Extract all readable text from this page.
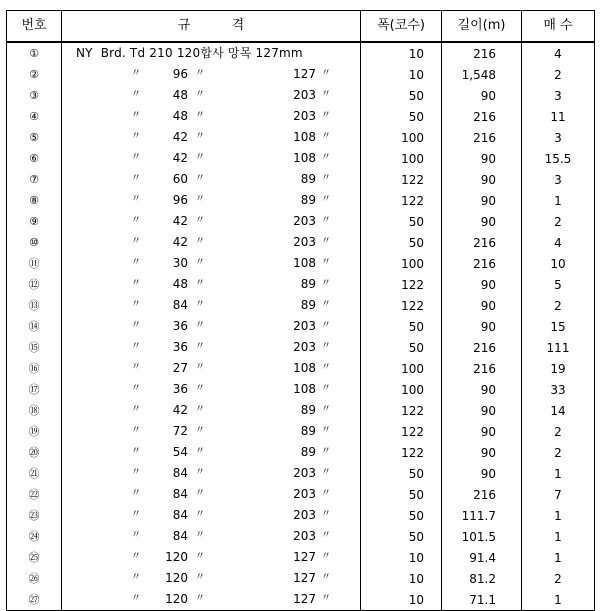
번호	규          격	폭(코수)	길이(m)	매 수
①	NY  Brd. Td 210 120합사 망목 127mm	10	216	4
②	〃 96 〃 127 〃	10	1,548	2
③	〃 48 〃 203 〃	50	90	3
④	〃 48 〃 203 〃	50	216	11
⑤	〃 42 〃 108 〃	100	216	3
⑥	〃 42 〃 108 〃	100	90	15.5
⑦	〃 60 〃 89 〃	122	90	3
⑧	〃 96 〃 89 〃	122	90	1
⑨	〃 42 〃 203 〃	50	90	2
⑩	〃 42 〃 203 〃	50	216	4
⑪	〃 30 〃 108 〃	100	216	10
⑫	〃 48 〃 89 〃	122	90	5
⑬	〃 84 〃 89 〃	122	90	2
⑭	〃 36 〃 203 〃	50	90	15
⑮	〃 36 〃 203 〃	50	216	111
⑯	〃 27 〃 108 〃	100	216	19
⑰	〃 36 〃 108 〃	100	90	33
⑱	〃 42 〃 89 〃	122	90	14
⑲	〃 72 〃 89 〃	122	90	2
⑳	〃 54 〃 89 〃	122	90	2
㉑	〃 84 〃 203 〃	50	90	1
㉒	〃 84 〃 203 〃	50	216	7
㉓	〃 84 〃 203 〃	50	111.7	1
㉔	〃 84 〃 203 〃	50	101.5	1
㉕	〃 120 〃 127 〃	10	91.4	1
㉖	〃 120 〃 127 〃	10	81.2	2
㉗	〃 120 〃 127 〃	10	71.1	1
